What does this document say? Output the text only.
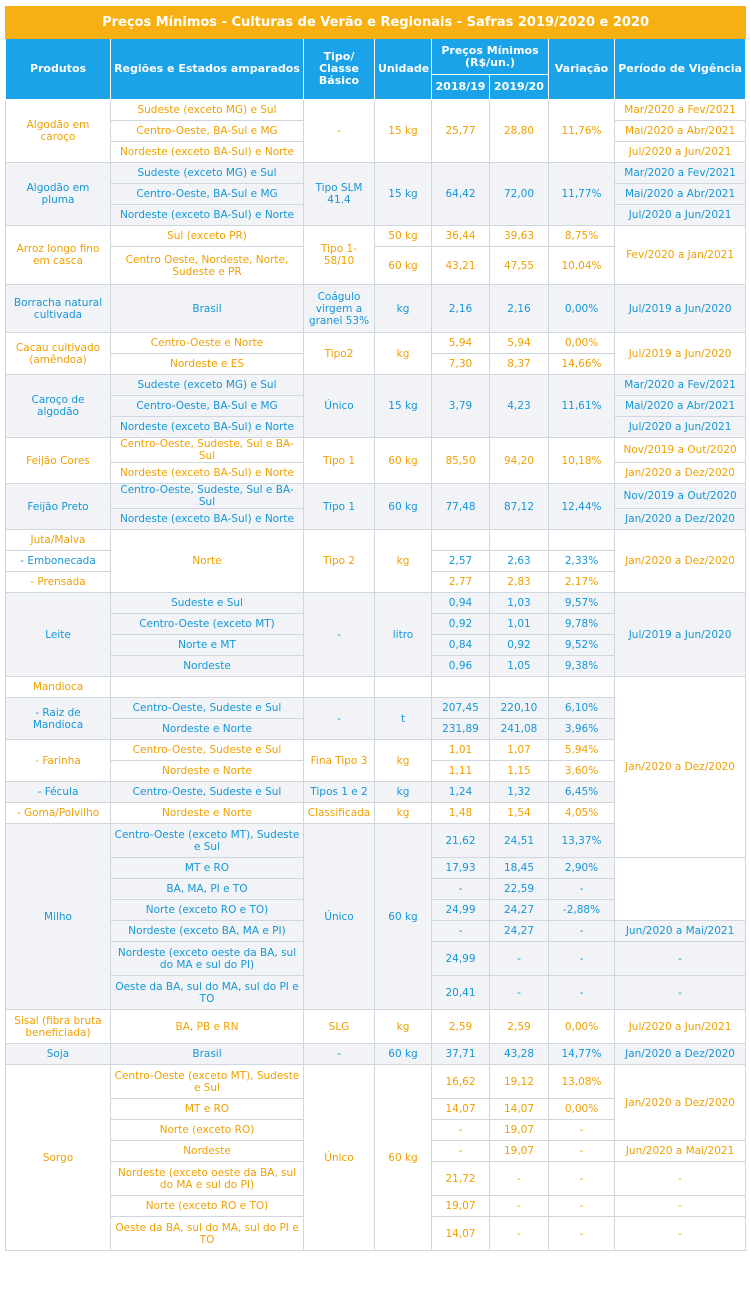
Preços Mínimos - Culturas de Verão e Regionais - Safras 2019/2020 e 2020								
Produtos	Regiões e Estados amparados	Tipo/ Classe Básico	Unidade	Preços Mínimos (R$/un.)		Variação	Período de Vigência	
				2018/19	2019/20			
Algodão em caroço	Sudeste (exceto MG) e Sul	-	15 kg	25,77	28,80	11,76%	Mar/2020 a Fev/2021	
	Centro-Oeste, BA-Sul e MG						Mai/2020 a Abr/2021	
	Nordeste (exceto BA-Sul) e Norte						Jul/2020 a Jun/2021	
Algodão em pluma	Sudeste (exceto MG) e Sul	Tipo SLM 41.4	15 kg	64,42	72,00	11,77%	Mar/2020 a Fev/2021	
	Centro-Oeste, BA-Sul e MG						Mai/2020 a Abr/2021	
	Nordeste (exceto BA-Sul) e Norte						Jul/2020 a Jun/2021	
Arroz longo fino em casca	Sul (exceto PR)	Tipo 1-58/10	50 kg	36,44	39,63	8,75%	Fev/2020 a Jan/2021	
	Centro Oeste, Nordeste, Norte, Sudeste e PR		60 kg	43,21	47,55	10,04%		
Borracha natural cultivada	Brasil	Coágulo virgem a granel 53%	kg	2,16	2,16	0,00%	Jul/2019 a Jun/2020	
Cacau cultivado (amêndoa)	Centro-Oeste e Norte	Tipo2	kg	5,94	5,94	0,00%	Jul/2019 a Jun/2020	
	Nordeste e ES			7,30	8,37	14,66%		
Caroço de algodão	Sudeste (exceto MG) e Sul	Único	15 kg	3,79	4,23	11,61%	Mar/2020 a Fev/2021	
	Centro-Oeste, BA-Sul e MG						Mai/2020 a Abr/2021	
	Nordeste (exceto BA-Sul) e Norte						Jul/2020 a Jun/2021	
Feijão Cores	Centro-Oeste, Sudeste, Sul e BA-Sul	Tipo 1	60 kg	85,50	94,20	10,18%	Nov/2019 a Out/2020	
	Nordeste (exceto BA-Sul) e Norte						Jan/2020 a Dez/2020	
Feijão Preto	Centro-Oeste, Sudeste, Sul e BA-Sul	Tipo 1	60 kg	77,48	87,12	12,44%	Nov/2019 a Out/2020	
	Nordeste (exceto BA-Sul) e Norte						Jan/2020 a Dez/2020	
Juta/Malva	Norte	Tipo 2	kg				Jan/2020 a Dez/2020	
- Embonecada				2,57	2,63	2,33%		
- Prensada				2,77	2,83	2,17%		
Leite	Sudeste e Sul	-	litro	0,94	1,03	9,57%	Jul/2019 a Jun/2020	
	Centro-Oeste (exceto MT)			0,92	1,01	9,78%		
	Norte e MT			0,84	0,92	9,52%		
	Nordeste			0,96	1,05	9,38%		
Mandioca							Jan/2020 a Dez/2020	
- Raiz de Mandioca	Centro-Oeste, Sudeste e Sul	-	t	207,45	220,10	6,10%		
	Nordeste e Norte			231,89	241,08	3,96%		
- Farinha	Centro-Oeste, Sudeste e Sul	Fina Tipo 3	kg	1,01	1,07	5,94%		
	Nordeste e Norte			1,11	1,15	3,60%		
- Fécula	Centro-Oeste, Sudeste e Sul	Tipos 1 e 2	kg	1,24	1,32	6,45%		
- Goma/Polvilho	Nordeste e Norte	Classificada	kg	1,48	1,54	4,05%		
Milho	Centro-Oeste (exceto MT), Sudeste e Sul	Único	60 kg	21,62	24,51	13,37%	
	MT e RO			17,93	18,45	2,90%		
	BA, MA, PI e TO			-	22,59	-		
	Norte (exceto RO e TO)			24,99	24,27	-2,88%		
	Nordeste (exceto BA, MA e PI)			-	24,27	-	Jun/2020 a Mai/2021	
	Nordeste (exceto oeste da BA, sul do MA e sul do PI)			24,99	-	-	-	
	Oeste da BA, sul do MA, sul do PI e TO			20,41	-	-	-	
Sisal (fibra bruta beneficiada)	BA, PB e RN	SLG	kg	2,59	2,59	0,00%	Jul/2020 a Jun/2021	
Soja	Brasil	-	60 kg	37,71	43,28	14,77%	Jan/2020 a Dez/2020	
Sorgo	Centro-Oeste (exceto MT), Sudeste e Sul	Único	60 kg	16,62	19,12	13,08%	Jan/2020 a Dez/2020	
	MT e RO			14,07	14,07	0,00%		
	Norte (exceto RO)			-	19,07	-		
	Nordeste			-	19,07	-	Jun/2020 a Mai/2021	
	Nordeste (exceto oeste da BA, sul do MA e sul do PI)			21,72	-	-	-	
	Norte (exceto RO e TO)			19,07	-	-	-	
	Oeste da BA, sul do MA, sul do PI e TO			14,07	-	-	-	
